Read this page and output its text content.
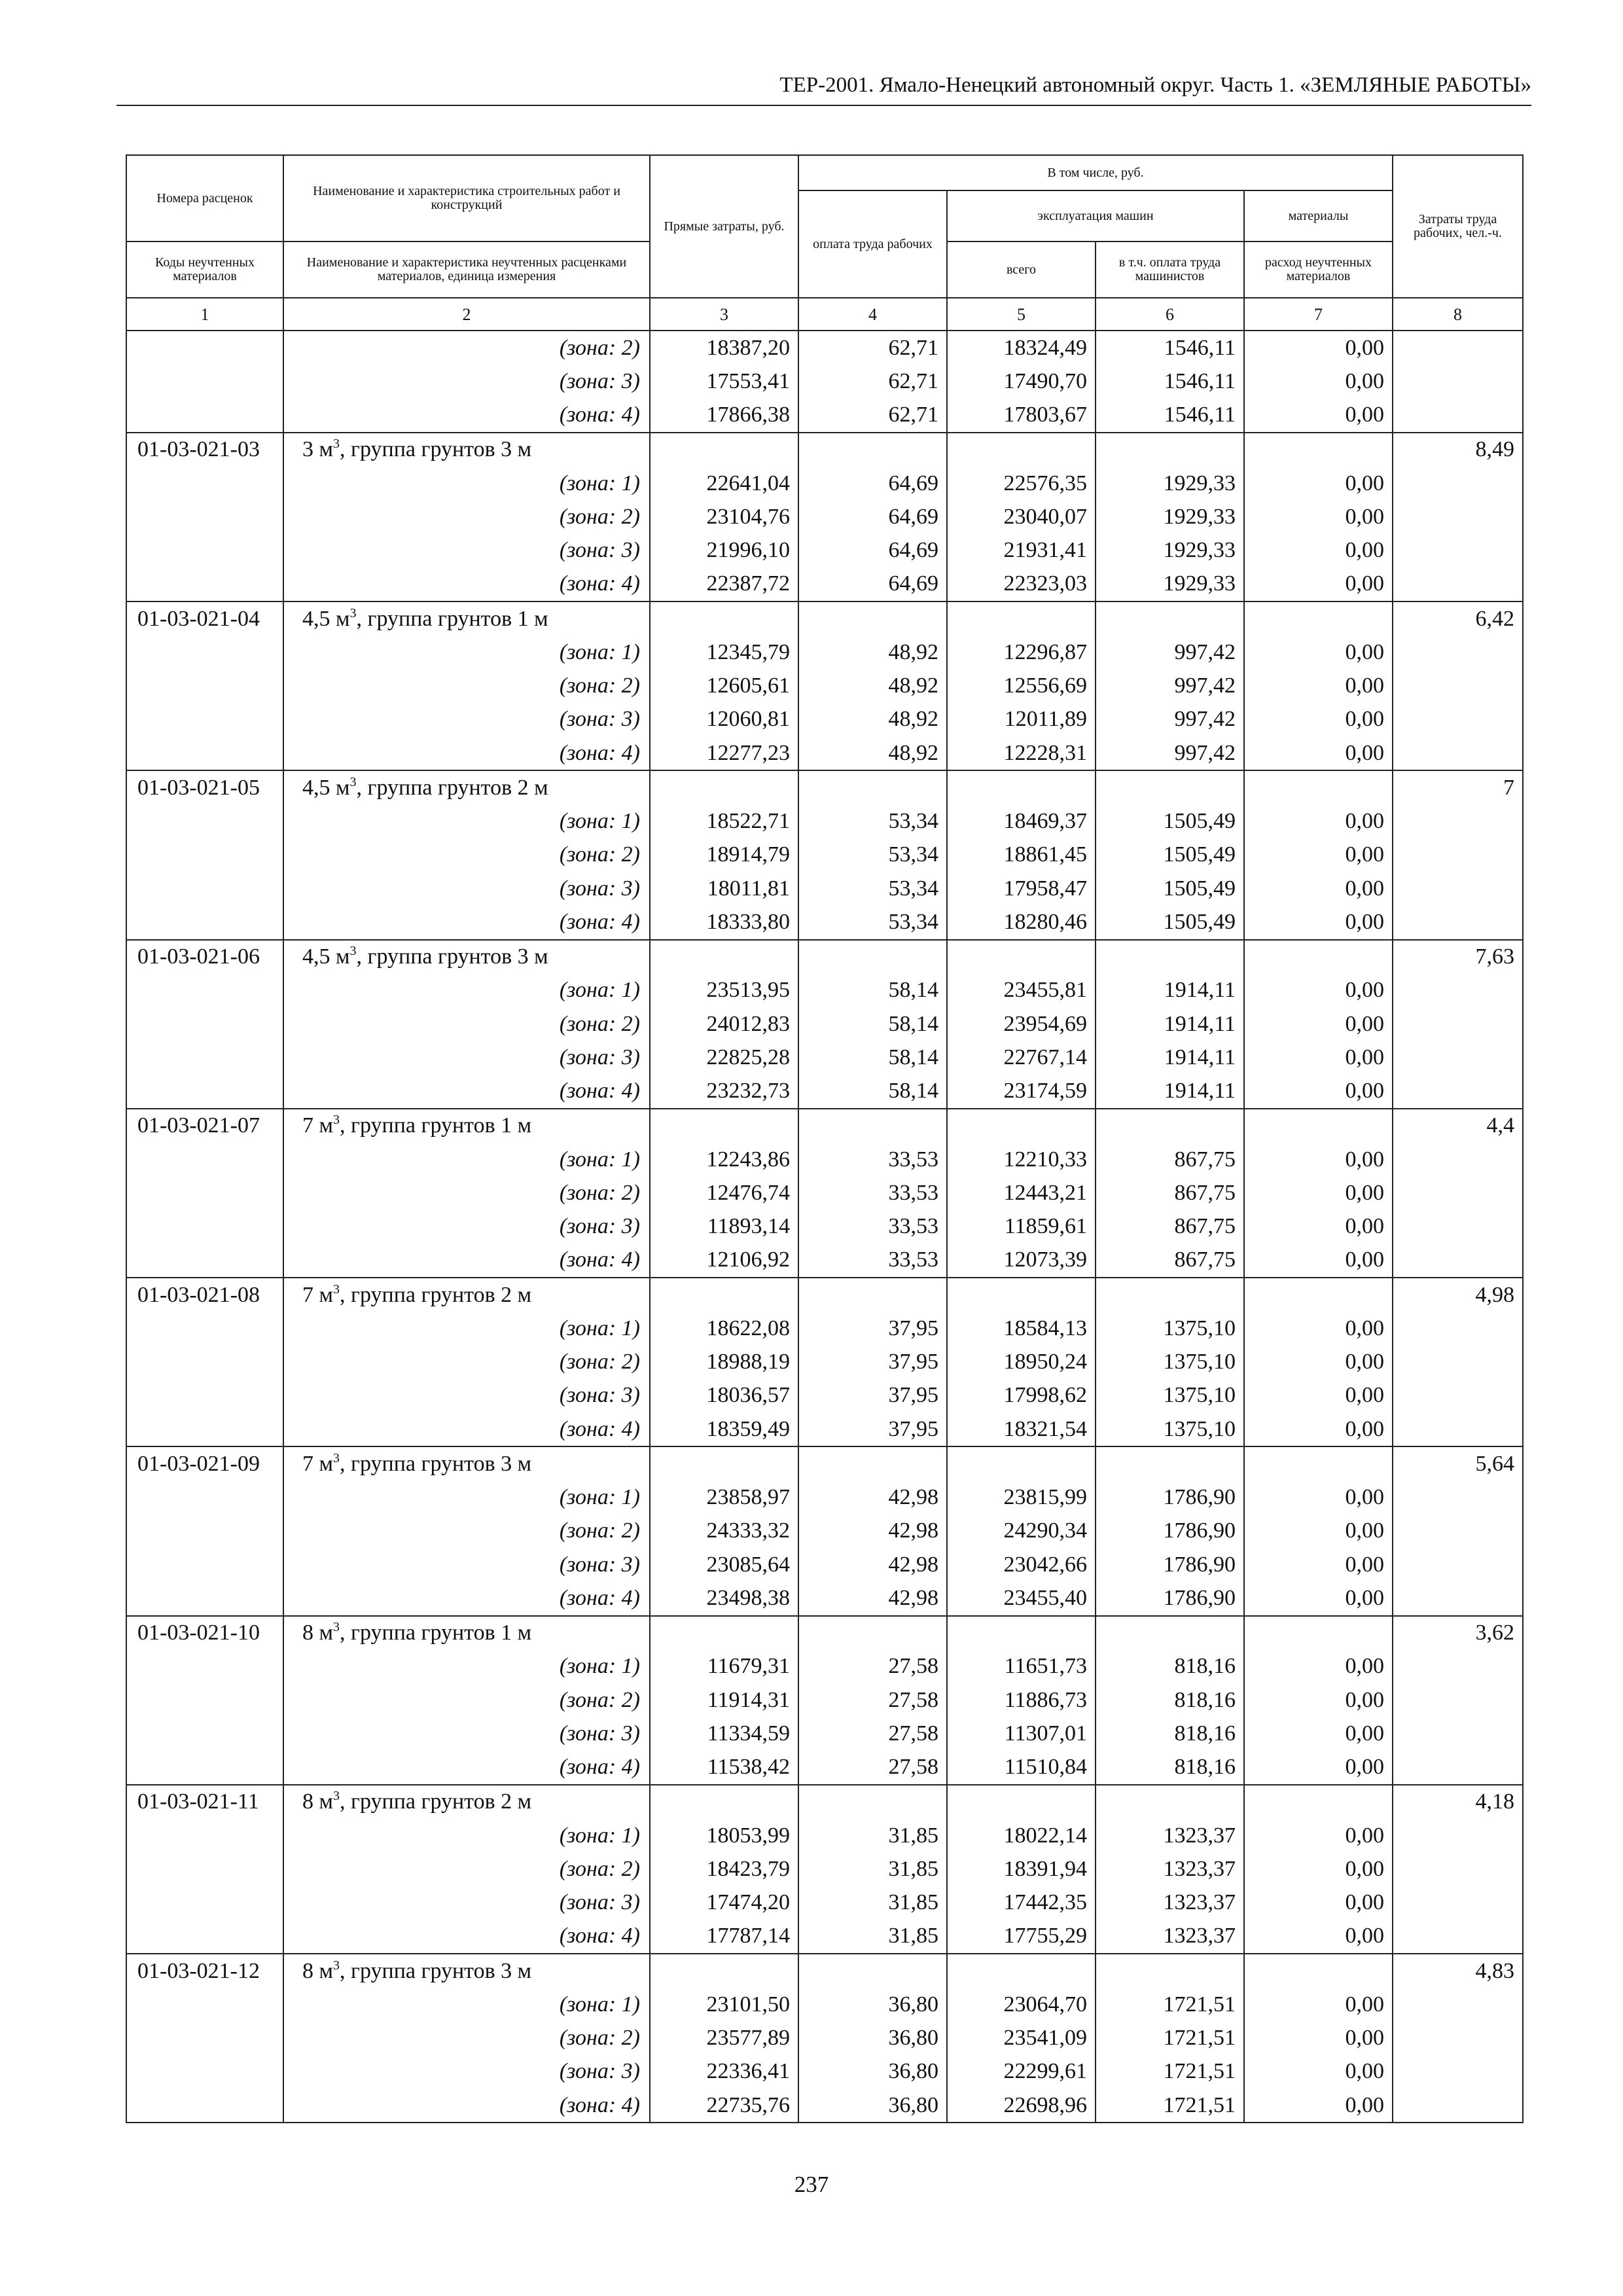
ТЕР-2001. Ямало-Ненецкий автономный округ. Часть 1. «ЗЕМЛЯНЫЕ РАБОТЫ»
Номера расценок	Наименование и характеристика строительных работ и конструкций	Прямые затраты, руб.	В том числе, руб.				Затраты труда рабочих, чел.-ч.
			оплата труда рабочих	эксплуатация машин		материалы	
Коды неучтенных материалов	Наименование и характеристика неучтенных расценками материалов, единица измерения			всего	в т.ч. оплата труда машинистов	расход неучтенных материалов	
1	2	3	4	5	6	7	8
	(зона: 2)	18387,20	62,71	18324,49	1546,11	0,00	
	(зона: 3)	17553,41	62,71	17490,70	1546,11	0,00	
	(зона: 4)	17866,38	62,71	17803,67	1546,11	0,00	
01-03-021-03	3 $м^3$, группа грунтов 3 м						8,49
	(зона: 1)	22641,04	64,69	22576,35	1929,33	0,00	
	(зона: 2)	23104,76	64,69	23040,07	1929,33	0,00	
	(зона: 3)	21996,10	64,69	21931,41	1929,33	0,00	
	(зона: 4)	22387,72	64,69	22323,03	1929,33	0,00	
01-03-021-04	4,5 $м^3$, группа грунтов 1 м						6,42
	(зона: 1)	12345,79	48,92	12296,87	997,42	0,00	
	(зона: 2)	12605,61	48,92	12556,69	997,42	0,00	
	(зона: 3)	12060,81	48,92	12011,89	997,42	0,00	
	(зона: 4)	12277,23	48,92	12228,31	997,42	0,00	
01-03-021-05	4,5 $м^3$, группа грунтов 2 м						7
	(зона: 1)	18522,71	53,34	18469,37	1505,49	0,00	
	(зона: 2)	18914,79	53,34	18861,45	1505,49	0,00	
	(зона: 3)	18011,81	53,34	17958,47	1505,49	0,00	
	(зона: 4)	18333,80	53,34	18280,46	1505,49	0,00	
01-03-021-06	4,5 $м^3$, группа грунтов 3 м						7,63
	(зона: 1)	23513,95	58,14	23455,81	1914,11	0,00	
	(зона: 2)	24012,83	58,14	23954,69	1914,11	0,00	
	(зона: 3)	22825,28	58,14	22767,14	1914,11	0,00	
	(зона: 4)	23232,73	58,14	23174,59	1914,11	0,00	
01-03-021-07	7 $м^3$, группа грунтов 1 м						4,4
	(зона: 1)	12243,86	33,53	12210,33	867,75	0,00	
	(зона: 2)	12476,74	33,53	12443,21	867,75	0,00	
	(зона: 3)	11893,14	33,53	11859,61	867,75	0,00	
	(зона: 4)	12106,92	33,53	12073,39	867,75	0,00	
01-03-021-08	7 $м^3$, группа грунтов 2 м						4,98
	(зона: 1)	18622,08	37,95	18584,13	1375,10	0,00	
	(зона: 2)	18988,19	37,95	18950,24	1375,10	0,00	
	(зона: 3)	18036,57	37,95	17998,62	1375,10	0,00	
	(зона: 4)	18359,49	37,95	18321,54	1375,10	0,00	
01-03-021-09	7 $м^3$, группа грунтов 3 м						5,64
	(зона: 1)	23858,97	42,98	23815,99	1786,90	0,00	
	(зона: 2)	24333,32	42,98	24290,34	1786,90	0,00	
	(зона: 3)	23085,64	42,98	23042,66	1786,90	0,00	
	(зона: 4)	23498,38	42,98	23455,40	1786,90	0,00	
01-03-021-10	8 $м^3$, группа грунтов 1 м						3,62
	(зона: 1)	11679,31	27,58	11651,73	818,16	0,00	
	(зона: 2)	11914,31	27,58	11886,73	818,16	0,00	
	(зона: 3)	11334,59	27,58	11307,01	818,16	0,00	
	(зона: 4)	11538,42	27,58	11510,84	818,16	0,00	
01-03-021-11	8 $м^3$, группа грунтов 2 м						4,18
	(зона: 1)	18053,99	31,85	18022,14	1323,37	0,00	
	(зона: 2)	18423,79	31,85	18391,94	1323,37	0,00	
	(зона: 3)	17474,20	31,85	17442,35	1323,37	0,00	
	(зона: 4)	17787,14	31,85	17755,29	1323,37	0,00	
01-03-021-12	8 $м^3$, группа грунтов 3 м						4,83
	(зона: 1)	23101,50	36,80	23064,70	1721,51	0,00	
	(зона: 2)	23577,89	36,80	23541,09	1721,51	0,00	
	(зона: 3)	22336,41	36,80	22299,61	1721,51	0,00	
	(зона: 4)	22735,76	36,80	22698,96	1721,51	0,00	
237
